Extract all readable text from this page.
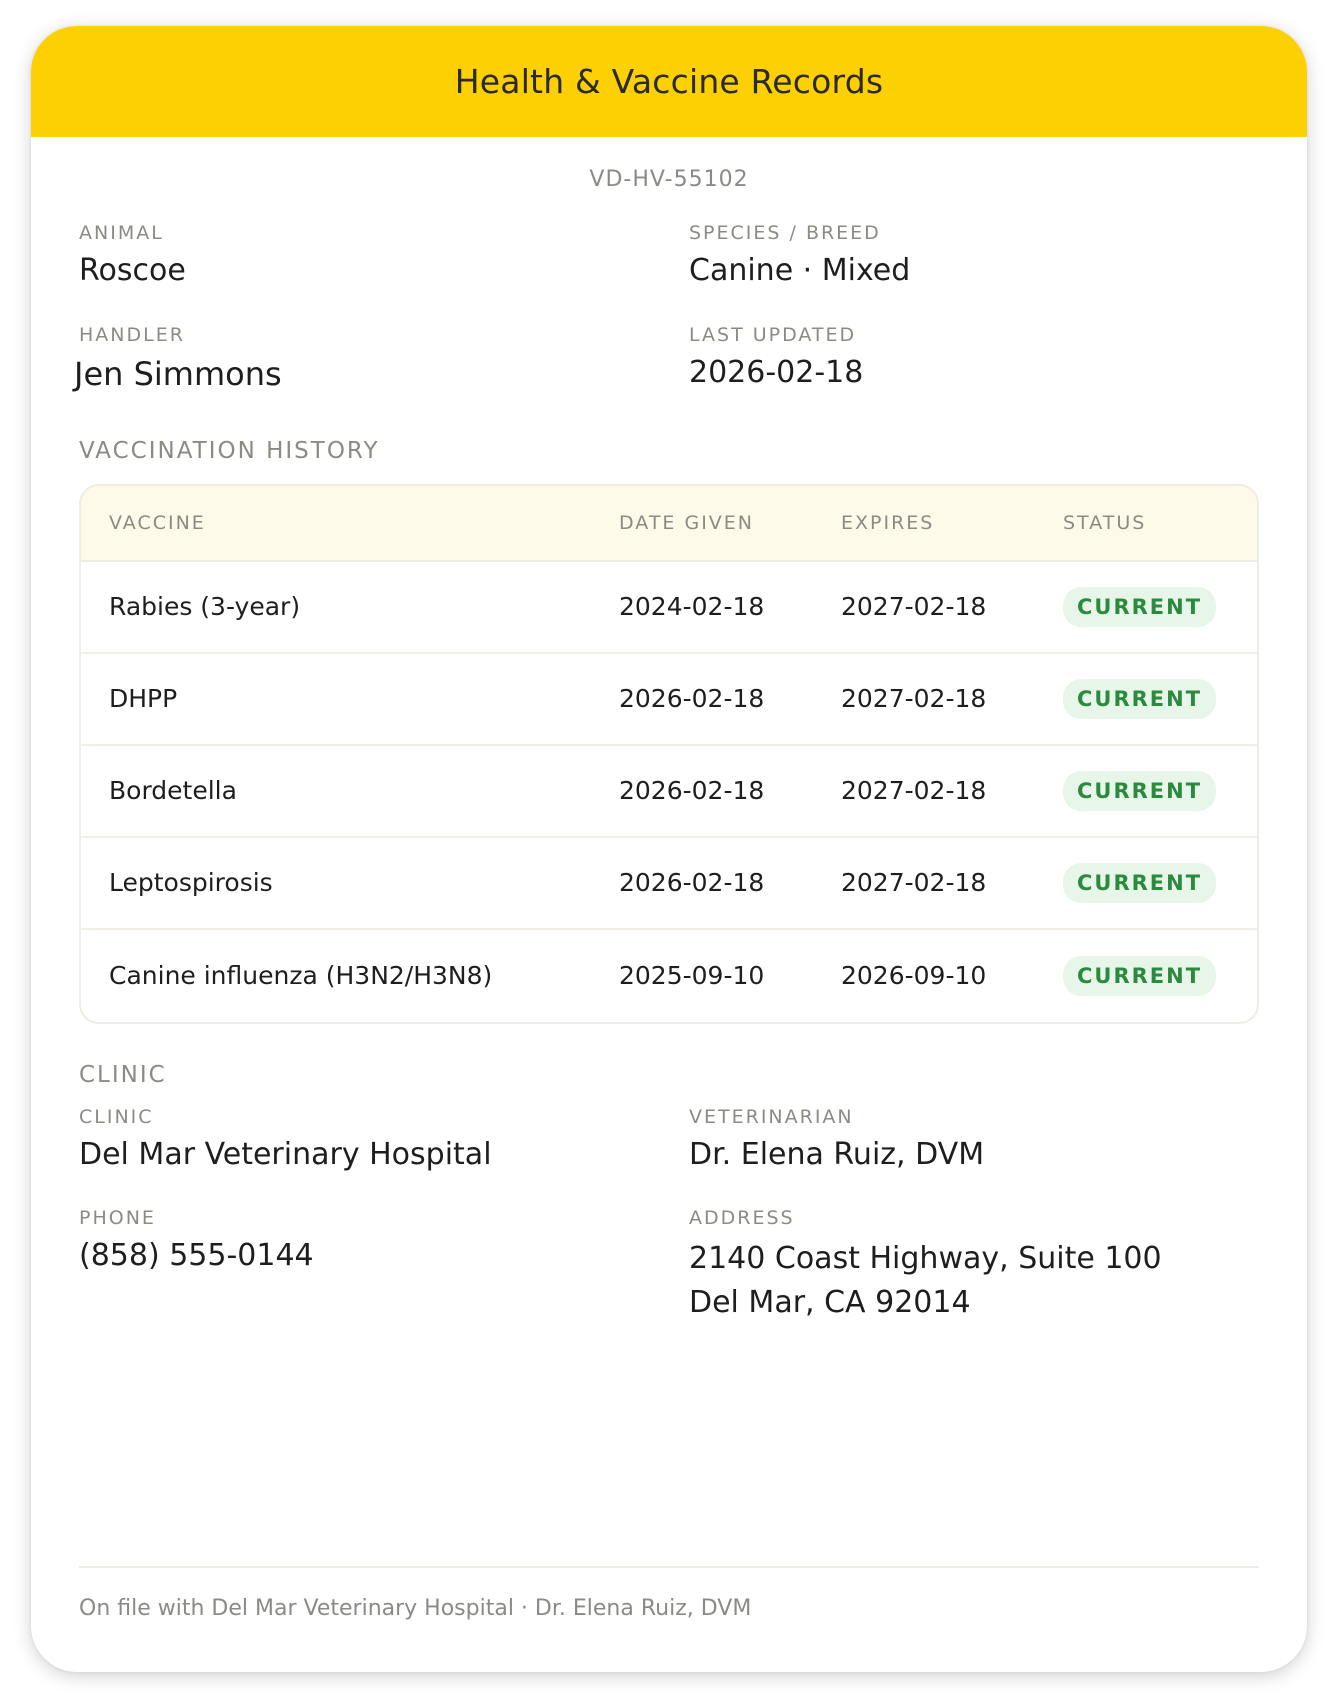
Health & Vaccine Records
VD-HV-55102
ANIMAL
Roscoe
SPECIES / BREED
Canine · Mixed
HANDLER
Jen Simmons
LAST UPDATED
2026-02-18
VACCINATION HISTORY
VACCINE	DATE GIVEN	EXPIRES	STATUS
Rabies (3-year)	2024-02-18	2027-02-18	CURRENT
DHPP	2026-02-18	2027-02-18	CURRENT
Bordetella	2026-02-18	2027-02-18	CURRENT
Leptospirosis	2026-02-18	2027-02-18	CURRENT
Canine influenza (H3N2/H3N8)	2025-09-10	2026-09-10	CURRENT
CLINIC
CLINIC
Del Mar Veterinary Hospital
VETERINARIAN
Dr. Elena Ruiz, DVM
PHONE
(858) 555-0144
ADDRESS
2140 Coast Highway, Suite 100
Del Mar, CA 92014
On file with Del Mar Veterinary Hospital · Dr. Elena Ruiz, DVM
